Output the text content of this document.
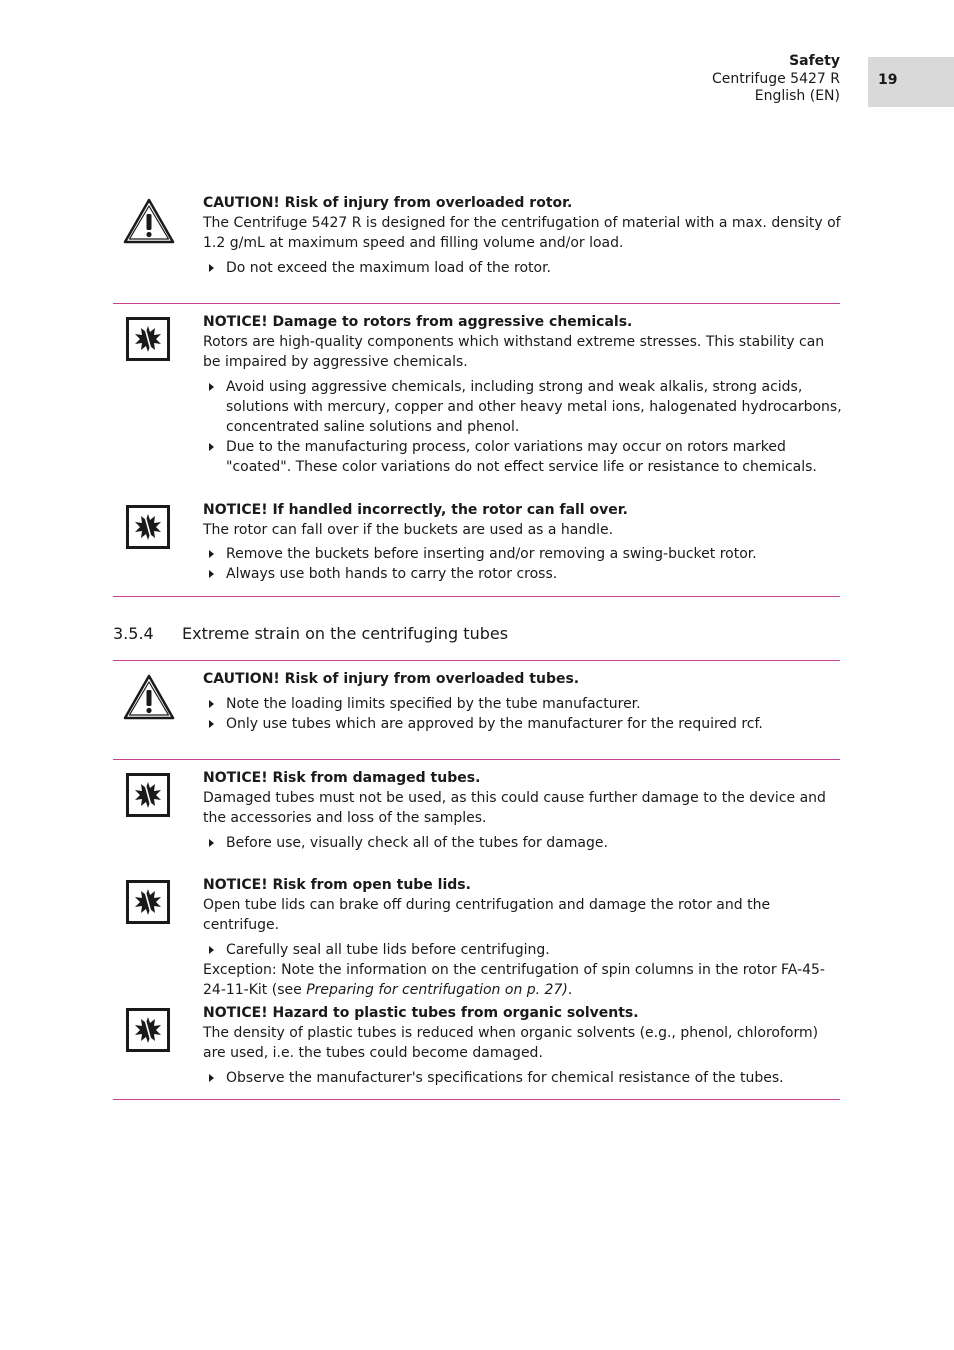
Safety
Centrifuge 5427 R
English (EN)
19
CAUTION! Risk of injury from overloaded rotor.

The Centrifuge 5427 R is designed for the centrifugation of material with a max. density of 1.2 g/mL at maximum speed and filling volume and/or load.

Do not exceed the maximum load of the rotor.
NOTICE! Damage to rotors from aggressive chemicals.

Rotors are high-quality components which withstand extreme stresses. This stability can be impaired by aggressive chemicals.

Avoid using aggressive chemicals, including strong and weak alkalis, strong acids, solutions with mercury, copper and other heavy metal ions, halogenated hydrocarbons, concentrated saline solutions and phenol.
Due to the manufacturing process, color variations may occur on rotors marked "coated". These color variations do not effect service life or resistance to chemicals.
NOTICE! If handled incorrectly, the rotor can fall over.

The rotor can fall over if the buckets are used as a handle.

Remove the buckets before inserting and/or removing a swing-bucket rotor.
Always use both hands to carry the rotor cross.
3.5.4 Extreme strain on the centrifuging tubes
CAUTION! Risk of injury from overloaded tubes.
Note the loading limits specified by the tube manufacturer.
Only use tubes which are approved by the manufacturer for the required rcf.
NOTICE! Risk from damaged tubes.

Damaged tubes must not be used, as this could cause further damage to the device and the accessories and loss of the samples.

Before use, visually check all of the tubes for damage.
NOTICE! Risk from open tube lids.

Open tube lids can brake off during centrifugation and damage the rotor and the centrifuge.

Carefully seal all tube lids before centrifuging.

Exception: Note the information on the centrifugation of spin columns in the rotor FA-45-24-11-Kit (see Preparing for centrifugation on p. 27).

NOTICE! Hazard to plastic tubes from organic solvents.

The density of plastic tubes is reduced when organic solvents (e.g., phenol, chloroform) are used, i.e. the tubes could become damaged.

Observe the manufacturer's specifications for chemical resistance of the tubes.
